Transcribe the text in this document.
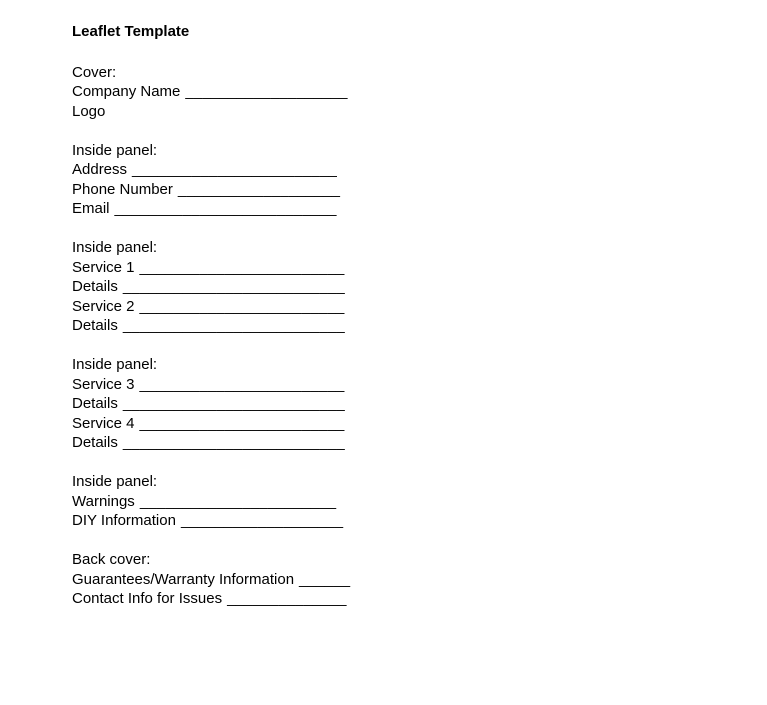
Leaflet Template
Cover:
Company Name ___________________
Logo
Inside panel:
Address ________________________
Phone Number ___________________
Email __________________________
Inside panel:
Service 1 ________________________
Details __________________________
Service 2 ________________________
Details __________________________
Inside panel:
Service 3 ________________________
Details __________________________
Service 4 ________________________
Details __________________________
Inside panel:
Warnings _______________________
DIY Information ___________________
Back cover:
Guarantees/Warranty Information ______
Contact Info for Issues ______________
